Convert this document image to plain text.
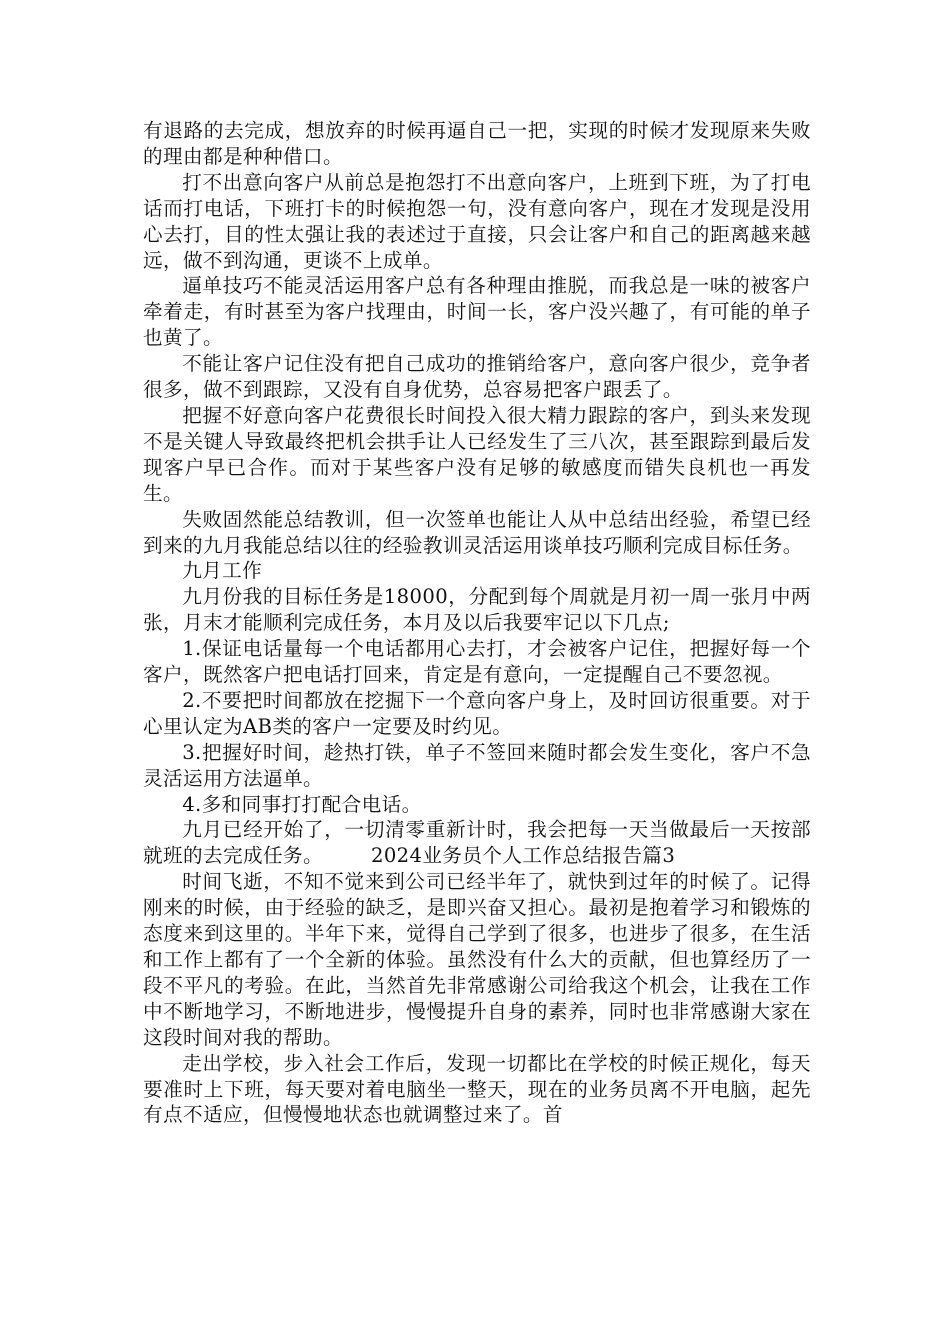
有退路的去完成，想放弃的时候再逼自己一把，实现的时候才发现原来失败的理由都是种种借口。

打不出意向客户从前总是抱怨打不出意向客户，上班到下班，为了打电话而打电话，下班打卡的时候抱怨一句，没有意向客户，现在才发现是没用心去打，目的性太强让我的表述过于直接，只会让客户和自己的距离越来越远，做不到沟通，更谈不上成单。

逼单技巧不能灵活运用客户总有各种理由推脱，而我总是一味的被客户牵着走，有时甚至为客户找理由，时间一长，客户没兴趣了，有可能的单子也黄了。

不能让客户记住没有把自己成功的推销给客户，意向客户很少，竞争者很多，做不到跟踪，又没有自身优势，总容易把客户跟丢了。

把握不好意向客户花费很长时间投入很大精力跟踪的客户，到头来发现不是关键人导致最终把机会拱手让人已经发生了三八次，甚至跟踪到最后发现客户早已合作。而对于某些客户没有足够的敏感度而错失良机也一再发生。

失败固然能总结教训，但一次签单也能让人从中总结出经验，希望已经到来的九月我能总结以往的经验教训灵活运用谈单技巧顺利完成目标任务。

九月工作

九月份我的目标任务是18000，分配到每个周就是月初一周一张月中两张，月末才能顺利完成任务，本月及以后我要牢记以下几点;

1.保证电话量每一个电话都用心去打，才会被客户记住，把握好每一个客户，既然客户把电话打回来，肯定是有意向，一定提醒自己不要忽视。

2.不要把时间都放在挖掘下一个意向客户身上，及时回访很重要。对于心里认定为AB类的客户一定要及时约见。

3.把握好时间，趁热打铁，单子不签回来随时都会发生变化，客户不急灵活运用方法逼单。

4.多和同事打打配合电话。

九月已经开始了，一切清零重新计时，我会把每一天当做最后一天按部就班的去完成任务。 2024业务员个人工作总结报告篇3

时间飞逝，不知不觉来到公司已经半年了，就快到过年的时候了。记得刚来的时候，由于经验的缺乏，是即兴奋又担心。最初是抱着学习和锻炼的态度来到这里的。半年下来，觉得自己学到了很多，也进步了很多，在生活和工作上都有了一个全新的体验。虽然没有什么大的贡献，但也算经历了一段不平凡的考验。在此，当然首先非常感谢公司给我这个机会，让我在工作中不断地学习，不断地进步，慢慢提升自身的素养，同时也非常感谢大家在这段时间对我的帮助。

走出学校，步入社会工作后，发现一切都比在学校的时候正规化，每天要准时上下班，每天要对着电脑坐一整天，现在的业务员离不开电脑，起先有点不适应，但慢慢地状态也就调整过来了。首
